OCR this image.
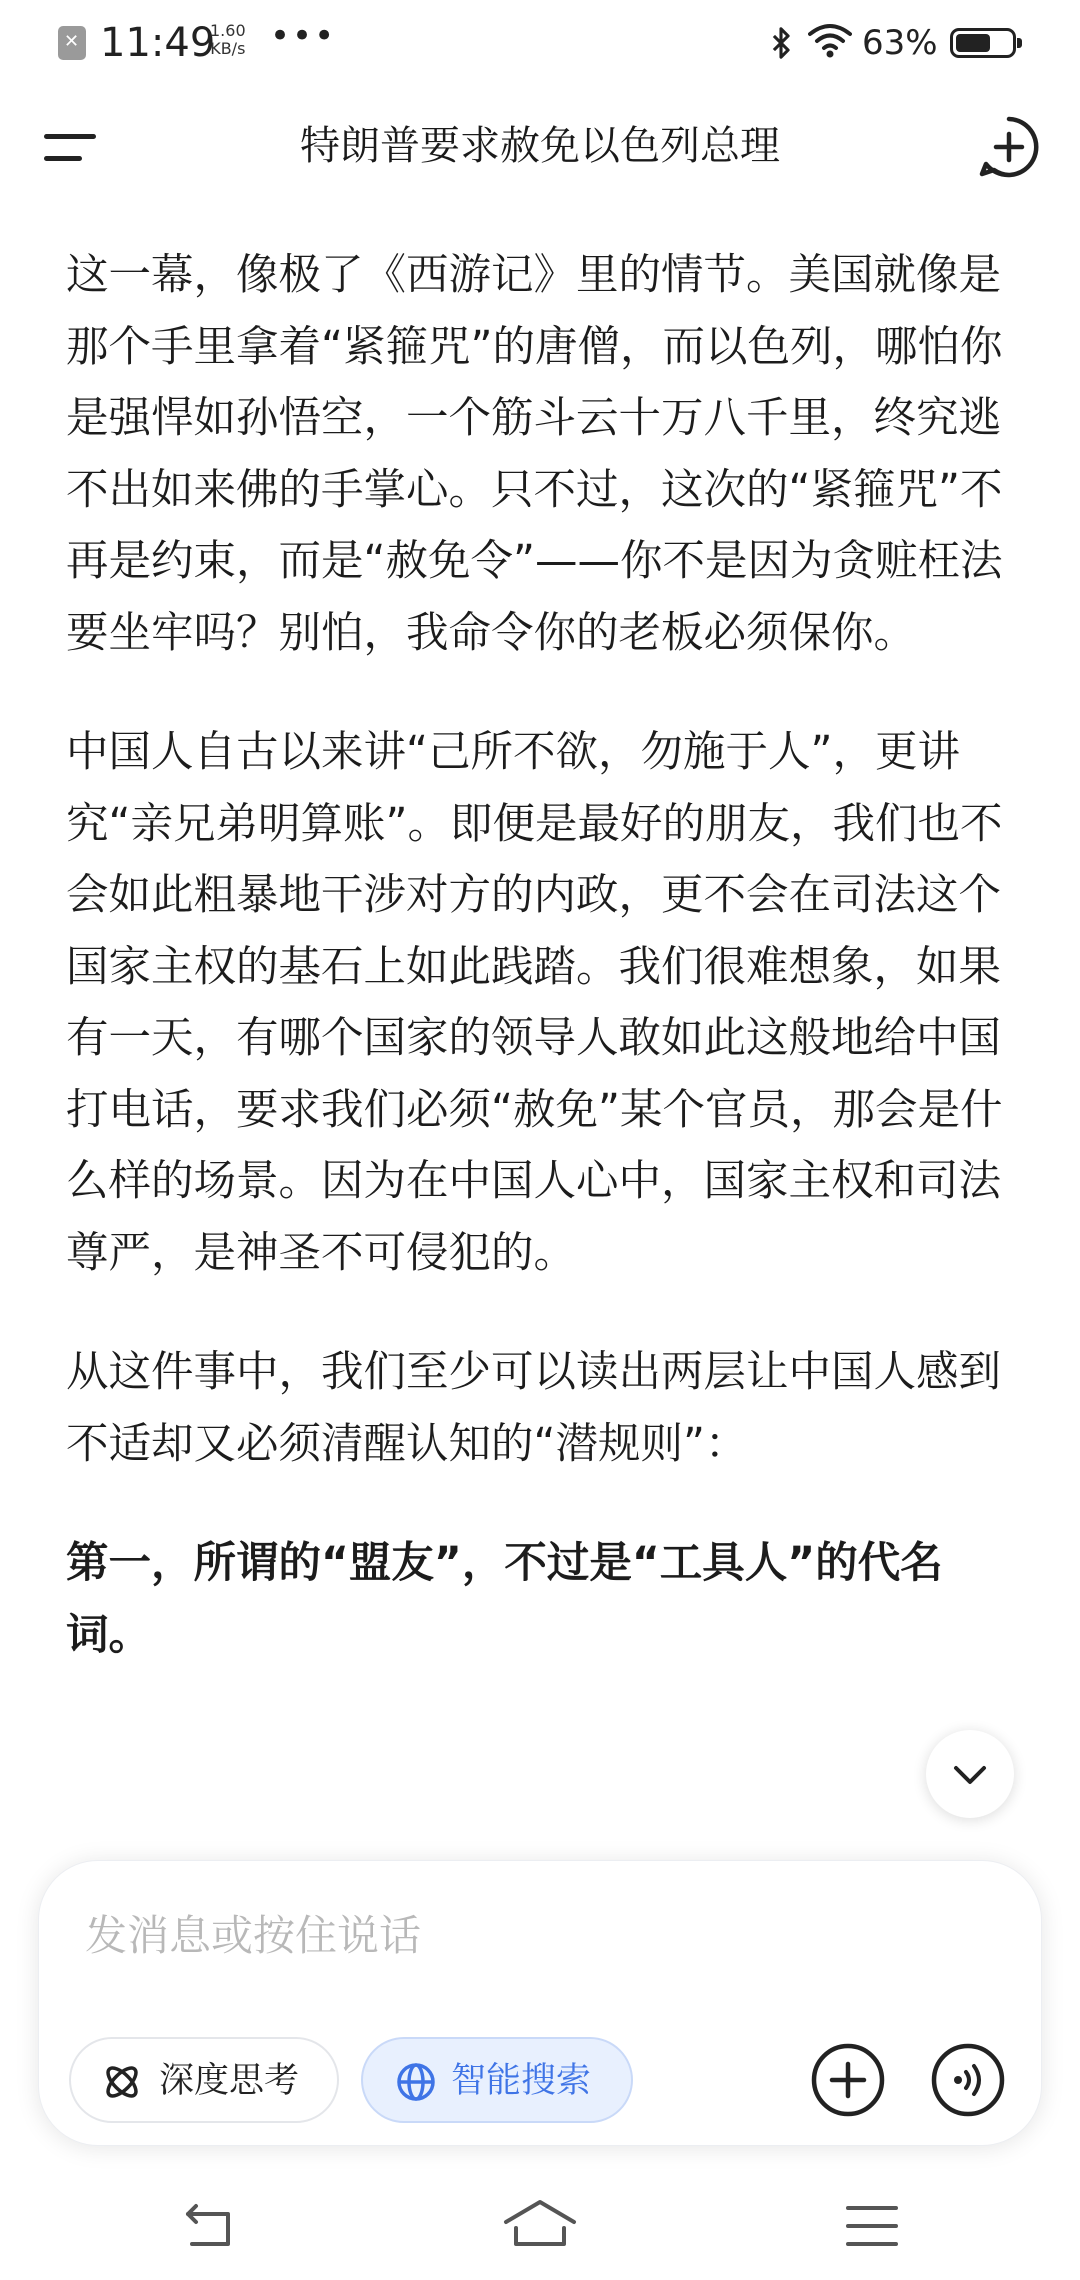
✕
11:49
1.60
KB/s •••	63%
特朗普要求赦免以色列总理

这一幕，像极了《西游记》里的情节。美国就像是那个手里拿着“紧箍咒”的唐僧，而以色列，哪怕你是强悍如孙悟空，一个筋斗云十万八千里，终究逃不出如来佛的手掌心。只不过，这次的“紧箍咒”不再是约束，而是“赦免令”——你不是因为贪赃枉法要坐牢吗？别怕，我命令你的老板必须保你。

中国人自古以来讲“己所不欲，勿施于人”，更讲究“亲兄弟明算账”。即便是最好的朋友，我们也不会如此粗暴地干涉对方的内政，更不会在司法这个国家主权的基石上如此践踏。我们很难想象，如果有一天，有哪个国家的领导人敢如此这般地给中国打电话，要求我们必须“赦免”某个官员，那会是什么样的场景。因为在中国人心中，国家主权和司法尊严，是神圣不可侵犯的。

从这件事中，我们至少可以读出两层让中国人感到不适却又必须清醒认知的“潜规则”：

第一，所谓的“盟友”，不过是“工具人”的代名词。

发消息或按住说话
深度思考	智能搜索
